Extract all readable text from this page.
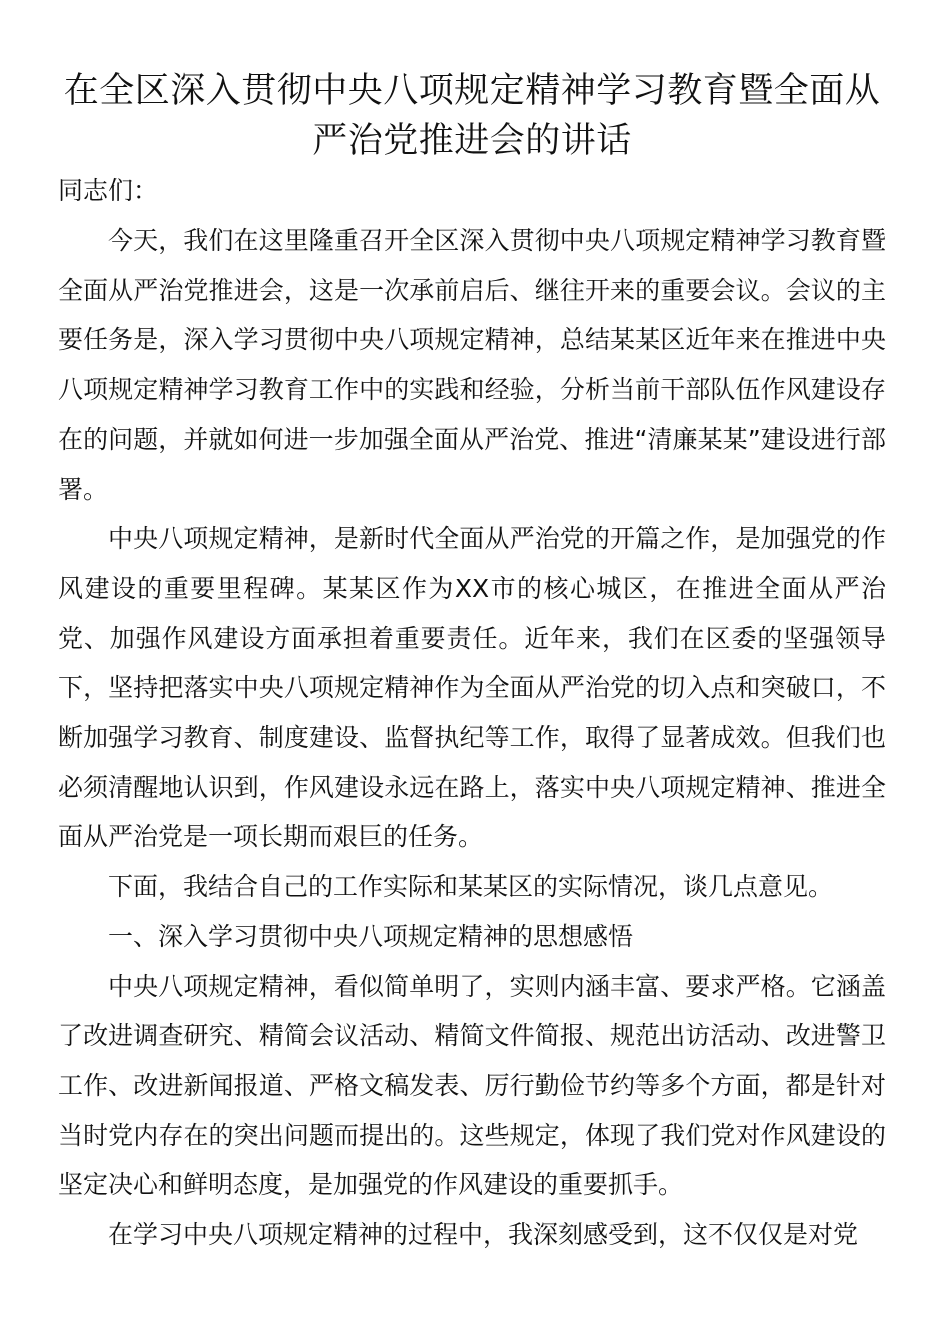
在全区深入贯彻中央八项规定精神学习教育暨全面从严治党推进会的讲话

同志们：

今天，我们在这里隆重召开全区深入贯彻中央八项规定精神学习教育暨全面从严治党推进会，这是一次承前启后、继往开来的重要会议。会议的主要任务是，深入学习贯彻中央八项规定精神，总结某某区近年来在推进中央八项规定精神学习教育工作中的实践和经验，分析当前干部队伍作风建设存在的问题，并就如何进一步加强全面从严治党、推进“清廉某某”建设进行部署。

中央八项规定精神，是新时代全面从严治党的开篇之作，是加强党的作风建设的重要里程碑。某某区作为XX市的核心城区，在推进全面从严治党、加强作风建设方面承担着重要责任。近年来，我们在区委的坚强领导下，坚持把落实中央八项规定精神作为全面从严治党的切入点和突破口，不断加强学习教育、制度建设、监督执纪等工作，取得了显著成效。但我们也必须清醒地认识到，作风建设永远在路上，落实中央八项规定精神、推进全面从严治党是一项长期而艰巨的任务。

下面，我结合自己的工作实际和某某区的实际情况，谈几点意见。

一、深入学习贯彻中央八项规定精神的思想感悟

中央八项规定精神，看似简单明了，实则内涵丰富、要求严格。它涵盖了改进调查研究、精简会议活动、精简文件简报、规范出访活动、改进警卫工作、改进新闻报道、严格文稿发表、厉行勤俭节约等多个方面，都是针对当时党内存在的突出问题而提出的。这些规定，体现了我们党对作风建设的坚定决心和鲜明态度，是加强党的作风建设的重要抓手。

在学习中央八项规定精神的过程中，我深刻感受到，这不仅仅是对党
